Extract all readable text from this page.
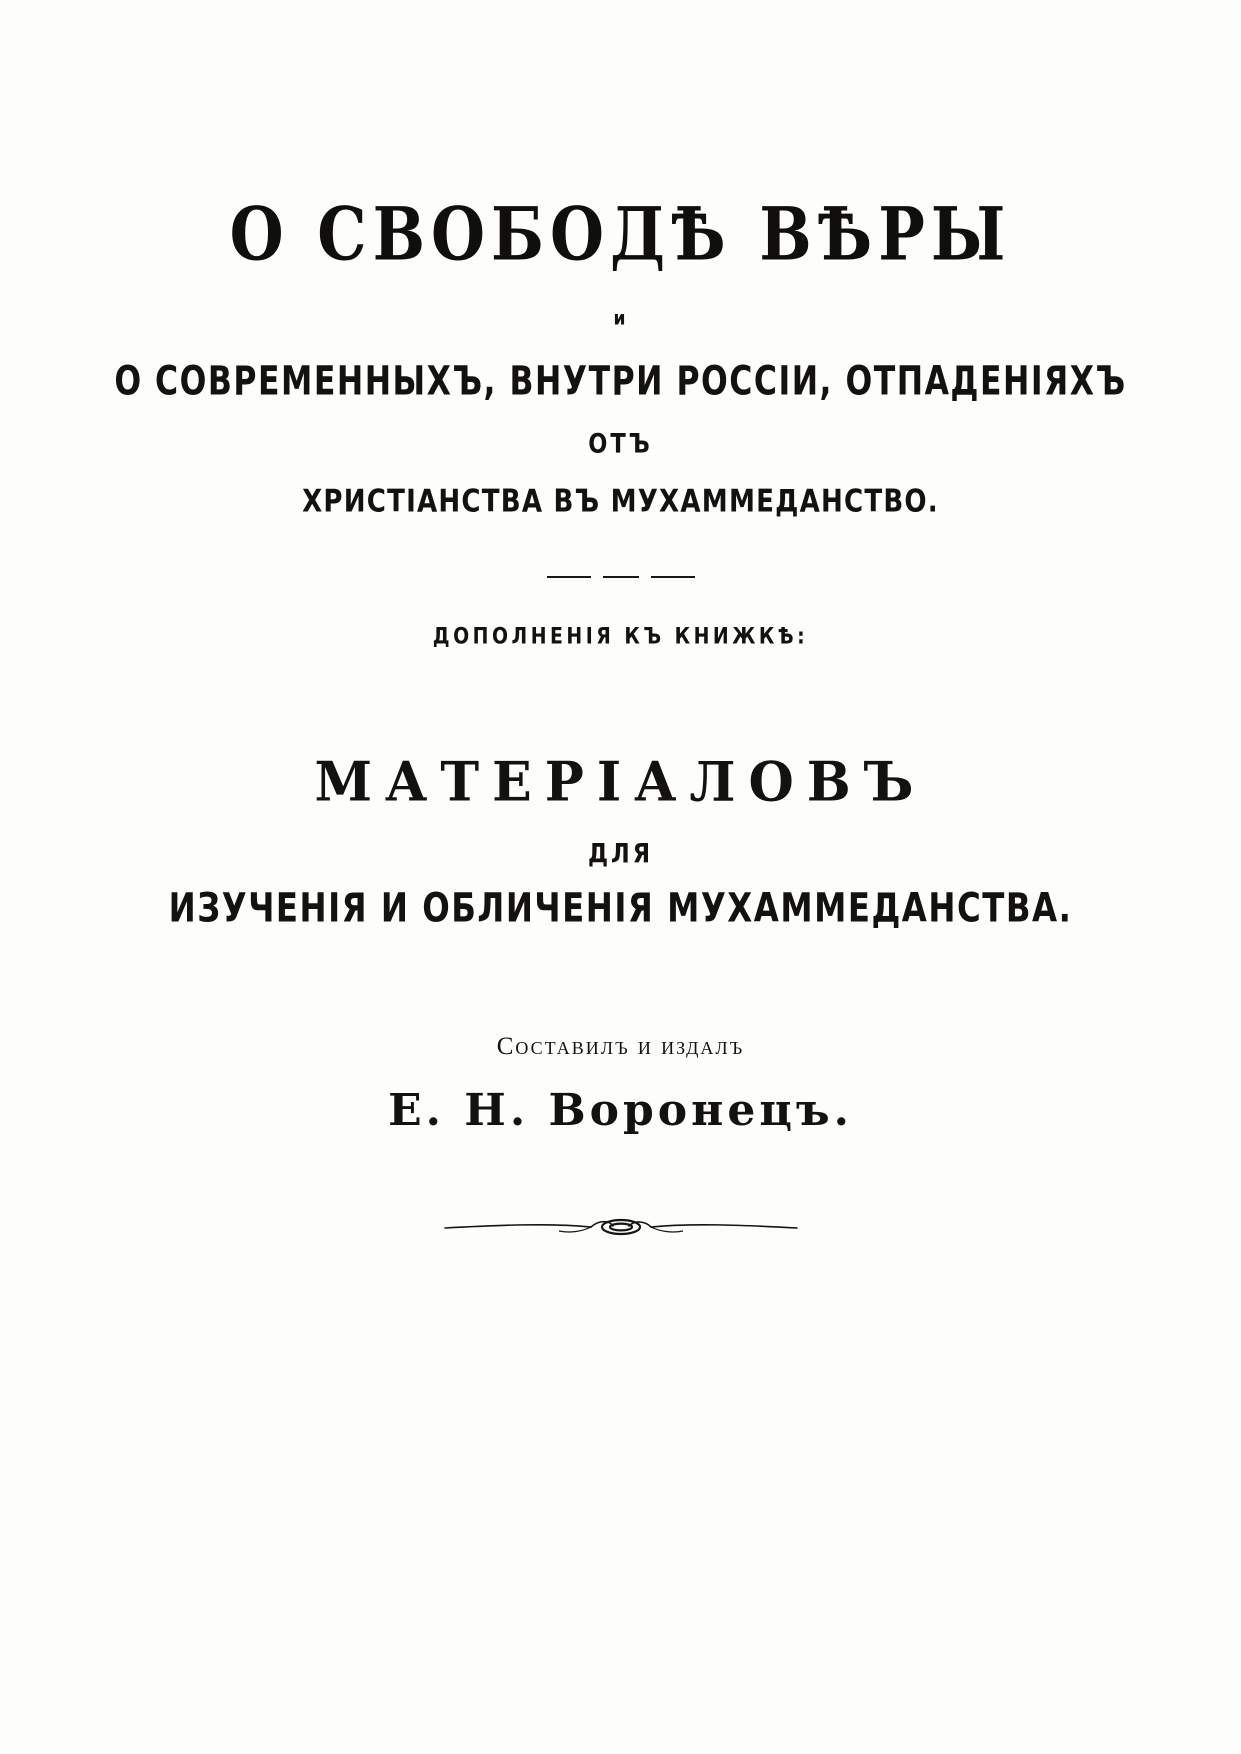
О СВОБОДѢ ВѢРЫ
и
О СОВРЕМЕННЫХЪ, ВНУТРИ РОССІИ, ОТПАДЕНІЯХЪ
ОТЪ
ХРИСТІАНСТВА ВЪ МУХАММЕДАНСТВО.
ДОПОЛНЕНІЯ КЪ КНИЖКѢ:
МАТЕРІАЛОВЪ
ДЛЯ
ИЗУЧЕНІЯ И ОБЛИЧЕНІЯ МУХАММЕДАНСТВА.
Составилъ и издалъ
Е. Н. Воронецъ.
